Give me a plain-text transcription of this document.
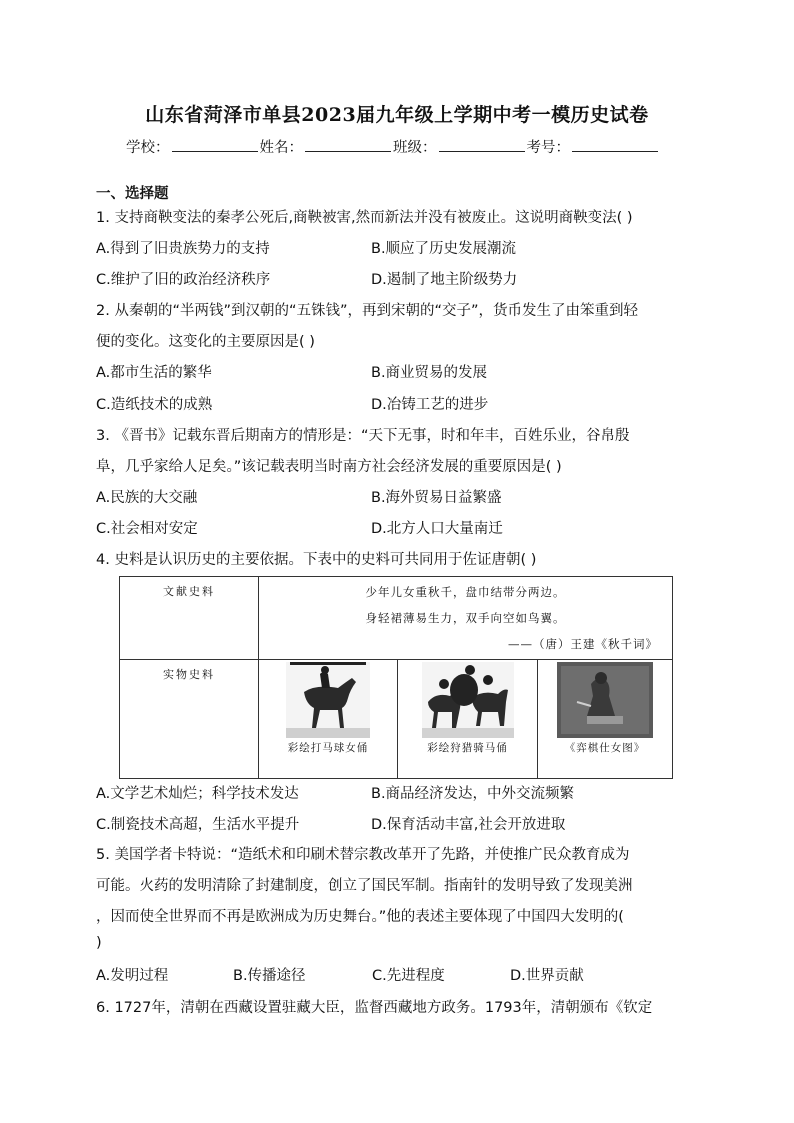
山东省菏泽市单县2023届九年级上学期中考一模历史试卷
学校：	姓名：	班级：	考号：
一、选择题
1. 支持商鞅变法的秦孝公死后,商鞅被害,然而新法并没有被废止。这说明商鞅变法( )
A.得到了旧贵族势力的支持	B.顺应了历史发展潮流
C.维护了旧的政治经济秩序	D.遏制了地主阶级势力
2. 从秦朝的“半两钱”到汉朝的“五铢钱”，再到宋朝的“交子”，货币发生了由笨重到轻
便的变化。这变化的主要原因是( )
A.都市生活的繁华	B.商业贸易的发展
C.造纸技术的成熟	D.冶铸工艺的进步
3. 《晋书》记载东晋后期南方的情形是：“天下无事，时和年丰，百姓乐业，谷帛殷
阜，几乎家给人足矣。”该记载表明当时南方社会经济发展的重要原因是( )
A.民族的大交融	B.海外贸易日益繁盛
C.社会相对安定	D.北方人口大量南迁
4. 史料是认识历史的主要依据。下表中的史料可共同用于佐证唐朝( )
文献史料	少年儿女重秋千，盘巾结带分两边。
身轻裙薄易生力，双手向空如鸟翼。
——（唐）王建《秋千词》		

实物史料	彩绘打马球女俑	彩绘狩猎骑马俑	《弈棋仕女图》
A.文学艺术灿烂；科学技术发达	B.商品经济发达，中外交流频繁
C.制瓷技术高超，生活水平提升	D.保育活动丰富,社会开放进取
5. 美国学者卡特说：“造纸术和印刷术替宗教改革开了先路，并使推广民众教育成为
可能。火药的发明清除了封建制度，创立了国民军制。指南针的发明导致了发现美洲
，因而使全世界而不再是欧洲成为历史舞台。”他的表述主要体现了中国四大发明的(
)
A.发明过程	B.传播途径	C.先进程度	D.世界贡献
6. 1727年，清朝在西藏设置驻藏大臣，监督西藏地方政务。1793年，清朝颁布《钦定
